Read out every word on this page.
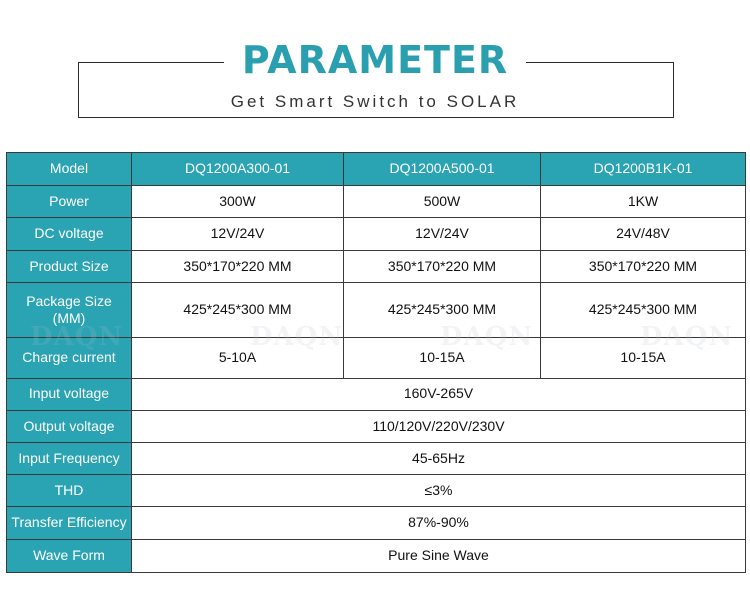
PARAMETER
Get Smart Switch to SOLAR
Model	DQ1200A300-01	DQ1200A500-01	DQ1200B1K-01
Power	300W	500W	1KW
DC voltage	12V/24V	12V/24V	24V/48V
Product Size	350*170*220 MM	350*170*220 MM	350*170*220 MM
Package Size (MM)	425*245*300 MM	425*245*300 MM	425*245*300 MM
Charge current	5-10A	10-15A	10-15A
Input voltage	160V-265V		
Output voltage	110/120V/220V/230V		
Input Frequency	45-65Hz		
THD	≤3%		
Transfer Efficiency	87%-90%		
Wave Form	Pure Sine Wave		
